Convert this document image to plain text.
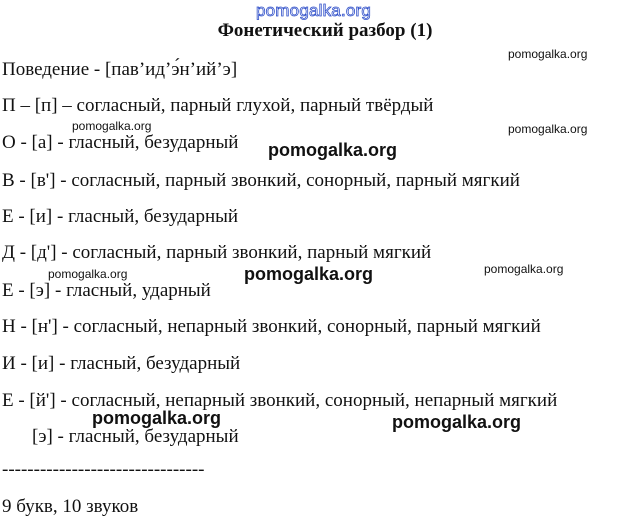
pomogalka.org
Фонетический разбор (1)
Поведение - [пав’ид’э́н’ий’э]
П – [п] – согласный, парный глухой, парный твёрдый
О - [а] - гласный, безударный
В - [в'] - согласный, парный звонкий, сонорный, парный мягкий
Е - [и] - гласный, безударный
Д - [д'] - согласный, парный звонкий, парный мягкий
Е - [э] - гласный, ударный
Н - [н'] - согласный, непарный звонкий, сонорный, парный мягкий
И - [и] - гласный, безударный
Е - [й'] - согласный, непарный звонкий, сонорный, непарный мягкий
[э] - гласный, безударный
--------------------------------
9 букв, 10 звуков
pomogalka.org
pomogalka.org	pomogalka.org
pomogalka.org
pomogalka.org	pomogalka.org	pomogalka.org
pomogalka.org	pomogalka.org
